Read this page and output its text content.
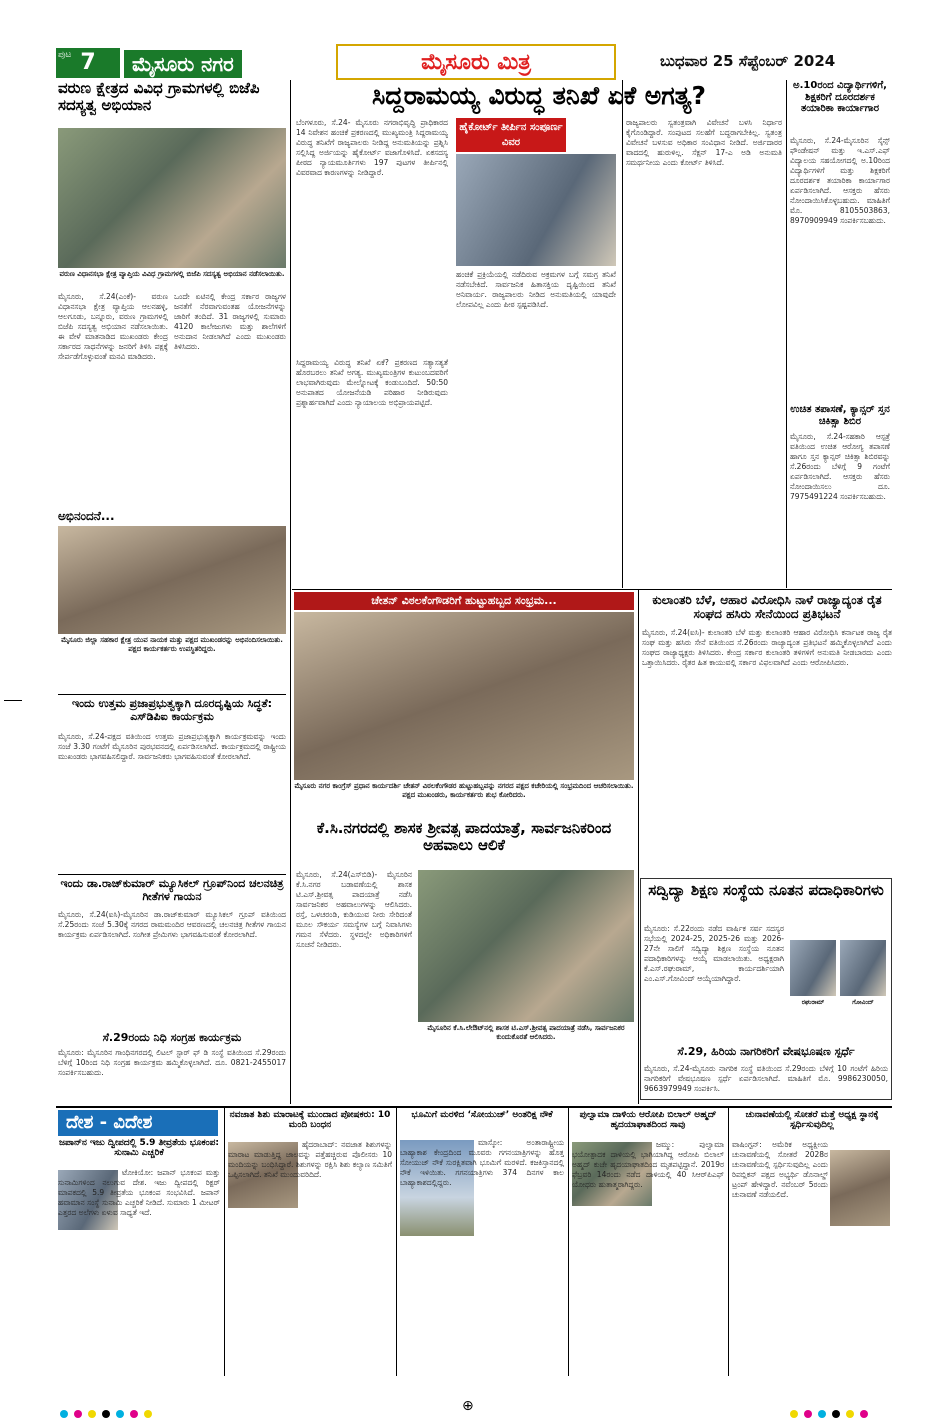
7
ಪುಟ	ಮೈಸೂರು ನಗರ	ಮೈಸೂರು ಮಿತ್ರ	ಬುಧವಾರ 25 ಸೆಪ್ಟೆಂಬರ್ 2024
ವರುಣ ಕ್ಷೇತ್ರದ ವಿವಿಧ ಗ್ರಾಮಗಳಲ್ಲಿ ಬಿಜೆಪಿ ಸದಸ್ಯತ್ವ ಅಭಿಯಾನ
ವರುಣ ವಿಧಾನಸಭಾ ಕ್ಷೇತ್ರ ವ್ಯಾಪ್ತಿಯ ವಿವಿಧ ಗ್ರಾಮಗಳಲ್ಲಿ ಬಿಜೆಪಿ ಸದಸ್ಯತ್ವ ಅಭಿಯಾನ ನಡೆಸಲಾಯಿತು.
ಮೈಸೂರು, ಸೆ.24(ಎಂಕೆ)- ವರುಣ ವಿಧಾನಸಭಾ ಕ್ಷೇತ್ರ ವ್ಯಾಪ್ತಿಯ ಆಲನಹಳ್ಳಿ, ಆಲಗೂಡು, ಬನ್ನೂರು, ವರುಣ ಗ್ರಾಮಗಳಲ್ಲಿ ಬಿಜೆಪಿ ಸದಸ್ಯತ್ವ ಅಭಿಯಾನ ನಡೆಸಲಾಯಿತು. ಈ ವೇಳೆ ಮಾತನಾಡಿದ ಮುಖಂಡರು ಕೇಂದ್ರ ಸರ್ಕಾರದ ಸಾಧನೆಗಳನ್ನು ಜನರಿಗೆ ತಿಳಿಸಿ ಪಕ್ಷಕ್ಕೆ ಸೇರ್ಪಡೆಗೊಳ್ಳುವಂತೆ ಮನವಿ ಮಾಡಿದರು.
ಒಂದೇ ಏಟಿನಲ್ಲಿ ಕೇಂದ್ರ ಸರ್ಕಾರ ರಾಜ್ಯಗಳ ಜನತೆಗೆ ನೆರವಾಗುವಂತಹ ಯೋಜನೆಗಳನ್ನು ಜಾರಿಗೆ ತಂದಿದೆ. 31 ರಾಜ್ಯಗಳಲ್ಲಿ ಸುಮಾರು 4120 ಕಾಲೇಜುಗಳು ಮತ್ತು ಶಾಲೆಗಳಿಗೆ ಅನುದಾನ ನೀಡಲಾಗಿದೆ ಎಂದು ಮುಖಂಡರು ತಿಳಿಸಿದರು.
ಅಭಿನಂದನೆ...
ಮೈಸೂರು ಜಿಲ್ಲಾ ಸಹಕಾರ ಕ್ಷೇತ್ರ ಯುವ ನಾಯಕ ಮತ್ತು ಪಕ್ಷದ ಮುಖಂಡರನ್ನು ಅಭಿನಂದಿಸಲಾಯಿತು. ಪಕ್ಷದ ಕಾರ್ಯಕರ್ತರು ಉಪಸ್ಥಿತರಿದ್ದರು.
ಇಂದು ಉತ್ತಮ ಪ್ರಜಾಪ್ರಭುತ್ವಕ್ಕಾಗಿ ದೂರದೃಷ್ಟಿಯ ಸಿದ್ಧತೆ: ಎಸ್‌ಡಿಪಿಐ ಕಾರ್ಯಕ್ರಮ
ಮೈಸೂರು, ಸೆ.24-ಪಕ್ಷದ ವತಿಯಿಂದ ಉತ್ತಮ ಪ್ರಜಾಪ್ರಭುತ್ವಕ್ಕಾಗಿ ಕಾರ್ಯಕ್ರಮವನ್ನು ಇಂದು ಸಂಜೆ 3.30 ಗಂಟೆಗೆ ಮೈಸೂರಿನ ಪುರಭವನದಲ್ಲಿ ಏರ್ಪಡಿಸಲಾಗಿದೆ. ಕಾರ್ಯಕ್ರಮದಲ್ಲಿ ರಾಷ್ಟ್ರೀಯ ಮುಖಂಡರು ಭಾಗವಹಿಸಲಿದ್ದಾರೆ. ಸಾರ್ವಜನಿಕರು ಭಾಗವಹಿಸುವಂತೆ ಕೋರಲಾಗಿದೆ.
ಇಂದು ಡಾ.ರಾಜ್‌ಕುಮಾರ್ ಮ್ಯೂಸಿಕಲ್ ಗ್ರೂಪ್‌ನಿಂದ ಚಲನಚಿತ್ರ ಗೀತೆಗಳ ಗಾಯನ
ಮೈಸೂರು, ಸೆ.24(ಐಸಿ)-ಮೈಸೂರಿನ ಡಾ.ರಾಜ್‌ಕುಮಾರ್ ಮ್ಯೂಸಿಕಲ್ ಗ್ರೂಪ್ ವತಿಯಿಂದ ಸೆ.25ರಂದು ಸಂಜೆ 5.30ಕ್ಕೆ ನಗರದ ರಾಮಮಂದಿರ ಆವರಣದಲ್ಲಿ ಚಲನಚಿತ್ರ ಗೀತೆಗಳ ಗಾಯನ ಕಾರ್ಯಕ್ರಮ ಏರ್ಪಡಿಸಲಾಗಿದೆ. ಸಂಗೀತ ಪ್ರೇಮಿಗಳು ಭಾಗವಹಿಸುವಂತೆ ಕೋರಲಾಗಿದೆ.
ಸೆ.29ರಂದು ನಿಧಿ ಸಂಗ್ರಹ ಕಾರ್ಯಕ್ರಮ
ಮೈಸೂರು: ಮೈಸೂರಿನ ಗಾಂಧಿನಗರದಲ್ಲಿ ಲಿಟಲ್ ಸ್ಟಾರ್ ಫ್ ಡಿ ಸಂಸ್ಥೆ ವತಿಯಿಂದ ಸೆ.29ರಂದು ಬೆಳಿಗ್ಗೆ 10ರಿಂದ ನಿಧಿ ಸಂಗ್ರಹ ಕಾರ್ಯಕ್ರಮ ಹಮ್ಮಿಕೊಳ್ಳಲಾಗಿದೆ. ದೂ. 0821-2455017 ಸಂಪರ್ಕಿಸಬಹುದು.
ಸಿದ್ದರಾಮಯ್ಯ ವಿರುದ್ಧ ತನಿಖೆ ಏಕೆ ಅಗತ್ಯ?
ಬೆಂಗಳೂರು, ಸೆ.24- ಮೈಸೂರು ನಗರಾಭಿವೃದ್ಧಿ ಪ್ರಾಧಿಕಾರದ 14 ನಿವೇಶನ ಹಂಚಿಕೆ ಪ್ರಕರಣದಲ್ಲಿ ಮುಖ್ಯಮಂತ್ರಿ ಸಿದ್ದರಾಮಯ್ಯ ವಿರುದ್ಧ ತನಿಖೆಗೆ ರಾಜ್ಯಪಾಲರು ನೀಡಿದ್ದ ಅನುಮತಿಯನ್ನು ಪ್ರಶ್ನಿಸಿ ಸಲ್ಲಿಸಿದ್ದ ಅರ್ಜಿಯನ್ನು ಹೈಕೋರ್ಟ್ ವಜಾಗೊಳಿಸಿದೆ. ಏಕಸದಸ್ಯ ಪೀಠದ ನ್ಯಾಯಮೂರ್ತಿಗಳು 197 ಪುಟಗಳ ತೀರ್ಪಿನಲ್ಲಿ ವಿವರವಾದ ಕಾರಣಗಳನ್ನು ನೀಡಿದ್ದಾರೆ.
ಸಿದ್ದರಾಮಯ್ಯ ವಿರುದ್ಧ ತನಿಖೆ ಏಕೆ? ಪ್ರಕರಣದ ಸತ್ಯಾಸತ್ಯತೆ ಹೊರಬರಲು ತನಿಖೆ ಅಗತ್ಯ. ಮುಖ್ಯಮಂತ್ರಿಗಳ ಕುಟುಂಬದವರಿಗೆ ಲಾಭವಾಗಿರುವುದು ಮೇಲ್ನೋಟಕ್ಕೆ ಕಂಡುಬಂದಿದೆ. 50:50 ಅನುಪಾತದ ಯೋಜನೆಯಡಿ ಪರಿಹಾರ ನೀಡಿರುವುದು ಪ್ರಶ್ನಾರ್ಹವಾಗಿದೆ ಎಂದು ನ್ಯಾಯಾಲಯ ಅಭಿಪ್ರಾಯಪಟ್ಟಿದೆ.
ಹೈಕೋರ್ಟ್ ತೀರ್ಪಿನ ಸಂಪೂರ್ಣ ವಿವರ
ಹಂಚಿಕೆ ಪ್ರಕ್ರಿಯೆಯಲ್ಲಿ ನಡೆದಿರುವ ಅಕ್ರಮಗಳ ಬಗ್ಗೆ ಸಮಗ್ರ ತನಿಖೆ ನಡೆಸಬೇಕಿದೆ. ಸಾರ್ವಜನಿಕ ಹಿತಾಸಕ್ತಿಯ ದೃಷ್ಟಿಯಿಂದ ತನಿಖೆ ಅನಿವಾರ್ಯ. ರಾಜ್ಯಪಾಲರು ನೀಡಿದ ಅನುಮತಿಯಲ್ಲಿ ಯಾವುದೇ ಲೋಪವಿಲ್ಲ ಎಂದು ಪೀಠ ಸ್ಪಷ್ಟಪಡಿಸಿದೆ.
ರಾಜ್ಯಪಾಲರು ಸ್ವತಂತ್ರವಾಗಿ ವಿವೇಚನೆ ಬಳಸಿ ನಿರ್ಧಾರ ಕೈಗೊಂಡಿದ್ದಾರೆ. ಸಂಪುಟದ ಸಲಹೆಗೆ ಬದ್ಧರಾಗಬೇಕಿಲ್ಲ. ಸ್ವತಂತ್ರ ವಿವೇಚನೆ ಬಳಸುವ ಅಧಿಕಾರ ಸಂವಿಧಾನ ನೀಡಿದೆ. ಅರ್ಜಿದಾರರ ವಾದದಲ್ಲಿ ಹುರುಳಿಲ್ಲ. ಸೆಕ್ಷನ್ 17-ಎ ಅಡಿ ಅನುಮತಿ ಸಮರ್ಥನೀಯ ಎಂದು ಕೋರ್ಟ್ ತಿಳಿಸಿದೆ.
ಅ.10ರಂದ ವಿದ್ಯಾರ್ಥಿಗಳಿಗೆ, ಶಿಕ್ಷಕರಿಗೆ ದೂರದರ್ಶಕ ತಯಾರಿಕಾ ಕಾರ್ಯಾಗಾರ
ಮೈಸೂರು, ಸೆ.24-ಮೈಸೂರಿನ ಸೈನ್ಸ್ ಫೌಂಡೇಷನ್ ಮತ್ತು ಇ.ಎಸ್.ಎಫ್ ವಿದ್ಯಾಲಯ ಸಹಯೋಗದಲ್ಲಿ ಅ.10ರಿಂದ ವಿದ್ಯಾರ್ಥಿಗಳಿಗೆ ಮತ್ತು ಶಿಕ್ಷಕರಿಗೆ ದೂರದರ್ಶಕ ತಯಾರಿಕಾ ಕಾರ್ಯಾಗಾರ ಏರ್ಪಡಿಸಲಾಗಿದೆ. ಆಸಕ್ತರು ಹೆಸರು ನೋಂದಾಯಿಸಿಕೊಳ್ಳಬಹುದು. ಮಾಹಿತಿಗೆ ಮೊ. 8105503863, 8970909949 ಸಂಪರ್ಕಿಸಬಹುದು.
ಉಚಿತ ತಪಾಸಣೆ, ಕ್ಯಾನ್ಸರ್ ಸ್ತನ ಚಿಕಿತ್ಸಾ ಶಿಬಿರ
ಮೈಸೂರು, ಸೆ.24-ಸಹಕಾರಿ ಆಸ್ಪತ್ರೆ ವತಿಯಿಂದ ಉಚಿತ ಆರೋಗ್ಯ ತಪಾಸಣೆ ಹಾಗೂ ಸ್ತನ ಕ್ಯಾನ್ಸರ್ ಚಿಕಿತ್ಸಾ ಶಿಬಿರವನ್ನು ಸೆ.26ರಂದು ಬೆಳಿಗ್ಗೆ 9 ಗಂಟೆಗೆ ಏರ್ಪಡಿಸಲಾಗಿದೆ. ಆಸಕ್ತರು ಹೆಸರು ನೋಂದಾಯಿಸಲು ದೂ. 7975491224 ಸಂಪರ್ಕಿಸಬಹುದು.
ಚೇತನ್ ವಿಠಲಕೆಂಗೌಡರಿಗೆ ಹುಟ್ಟುಹಬ್ಬದ ಸಂಭ್ರಮ...
ಮೈಸೂರು ನಗರ ಕಾಂಗ್ರೆಸ್ ಪ್ರಧಾನ ಕಾರ್ಯದರ್ಶಿ ಚೇತನ್ ವಿಠಲಕೆಂಗೌಡರ ಹುಟ್ಟುಹಬ್ಬವನ್ನು ನಗರದ ಪಕ್ಷದ ಕಚೇರಿಯಲ್ಲಿ ಸಂಭ್ರಮದಿಂದ ಆಚರಿಸಲಾಯಿತು. ಪಕ್ಷದ ಮುಖಂಡರು, ಕಾರ್ಯಕರ್ತರು ಶುಭ ಕೋರಿದರು.
ಕೆ.ಸಿ.ನಗರದಲ್ಲಿ ಶಾಸಕ ಶ್ರೀವತ್ಸ ಪಾದಯಾತ್ರೆ, ಸಾರ್ವಜನಿಕರಿಂದ ಅಹವಾಲು ಆಲಿಕೆ
ಮೈಸೂರು, ಸೆ.24(ಎಸ್‌ಬಿಡಿ)- ಮೈಸೂರಿನ ಕೆ.ಸಿ.ನಗರ ಬಡಾವಣೆಯಲ್ಲಿ ಶಾಸಕ ಟಿ.ಎಸ್.ಶ್ರೀವತ್ಸ ಪಾದಯಾತ್ರೆ ನಡೆಸಿ ಸಾರ್ವಜನಿಕರ ಅಹವಾಲುಗಳನ್ನು ಆಲಿಸಿದರು. ರಸ್ತೆ, ಒಳಚರಂಡಿ, ಕುಡಿಯುವ ನೀರು ಸೇರಿದಂತೆ ಮೂಲ ಸೌಕರ್ಯ ಸಮಸ್ಯೆಗಳ ಬಗ್ಗೆ ನಿವಾಸಿಗಳು ಗಮನ ಸೆಳೆದರು. ಸ್ಥಳದಲ್ಲೇ ಅಧಿಕಾರಿಗಳಿಗೆ ಸೂಚನೆ ನೀಡಿದರು.
ಮೈಸೂರಿನ ಕೆ.ಸಿ.ಲೇಔಟ್‌ನಲ್ಲಿ ಶಾಸಕ ಟಿ.ಎಸ್.ಶ್ರೀವತ್ಸ ಪಾದಯಾತ್ರೆ ನಡೆಸಿ, ಸಾರ್ವಜನಿಕರ ಕುಂದುಕೊರತೆ ಆಲಿಸಿದರು.
ಕುಲಾಂತರಿ ಬೆಳೆ, ಆಹಾರ ವಿರೋಧಿಸಿ ನಾಳೆ ರಾಜ್ಯಾದ್ಯಂತ ರೈತ ಸಂಘದ ಹಸಿರು ಸೇನೆಯಿಂದ ಪ್ರತಿಭಟನೆ
ಮೈಸೂರು, ಸೆ.24(ಐಸಿ)- ಕುಲಾಂತರಿ ಬೆಳೆ ಮತ್ತು ಕುಲಾಂತರಿ ಆಹಾರ ವಿರೋಧಿಸಿ ಕರ್ನಾಟಕ ರಾಜ್ಯ ರೈತ ಸಂಘ ಮತ್ತು ಹಸಿರು ಸೇನೆ ವತಿಯಿಂದ ಸೆ.26ರಂದು ರಾಜ್ಯಾದ್ಯಂತ ಪ್ರತಿಭಟನೆ ಹಮ್ಮಿಕೊಳ್ಳಲಾಗಿದೆ ಎಂದು ಸಂಘದ ರಾಜ್ಯಾಧ್ಯಕ್ಷರು ತಿಳಿಸಿದರು. ಕೇಂದ್ರ ಸರ್ಕಾರ ಕುಲಾಂತರಿ ತಳಿಗಳಿಗೆ ಅನುಮತಿ ನೀಡಬಾರದು ಎಂದು ಒತ್ತಾಯಿಸಿದರು. ರೈತರ ಹಿತ ಕಾಯುವಲ್ಲಿ ಸರ್ಕಾರ ವಿಫಲವಾಗಿದೆ ಎಂದು ಆರೋಪಿಸಿದರು.
ಸದ್ವಿದ್ಯಾ ಶಿಕ್ಷಣ ಸಂಸ್ಥೆಯ ನೂತನ ಪದಾಧಿಕಾರಿಗಳು
ಮೈಸೂರು: ಸೆ.22ರಂದು ನಡೆದ ವಾರ್ಷಿಕ ಸರ್ವ ಸದಸ್ಯರ ಸಭೆಯಲ್ಲಿ 2024-25, 2025-26 ಮತ್ತು 2026-27ನೇ ಸಾಲಿಗೆ ಸದ್ವಿದ್ಯಾ ಶಿಕ್ಷಣ ಸಂಸ್ಥೆಯ ನೂತನ ಪದಾಧಿಕಾರಿಗಳನ್ನು ಆಯ್ಕೆ ಮಾಡಲಾಯಿತು. ಅಧ್ಯಕ್ಷರಾಗಿ ಕೆ.ಎಸ್.ರಘುರಾಮ್, ಕಾರ್ಯದರ್ಶಿಯಾಗಿ ಎಂ.ಎಸ್.ಗೋವಿಂದ್ ಆಯ್ಕೆಯಾಗಿದ್ದಾರೆ.
ರಘುರಾಮ್	ಗೋವಿಂದ್
ಸೆ.29, ಹಿರಿಯ ನಾಗರಿಕರಿಗೆ ವೇಷಭೂಷಣ ಸ್ಪರ್ಧೆ
ಮೈಸೂರು, ಸೆ.24-ಮೈಸೂರು ನಾಗರಿಕ ಸಂಸ್ಥೆ ವತಿಯಿಂದ ಸೆ.29ರಂದು ಬೆಳಿಗ್ಗೆ 10 ಗಂಟೆಗೆ ಹಿರಿಯ ನಾಗರಿಕರಿಗೆ ವೇಷಭೂಷಣ ಸ್ಪರ್ಧೆ ಏರ್ಪಡಿಸಲಾಗಿದೆ. ಮಾಹಿತಿಗೆ ಮೊ. 9986230050, 9663979949 ಸಂಪರ್ಕಿಸಿ.
ದೇಶ - ವಿದೇಶ
ಜಪಾನ್‌ನ ಇಜು ದ್ವೀಪದಲ್ಲಿ 5.9 ತೀವ್ರತೆಯ ಭೂಕಂಪ: ಸುನಾಮಿ ಎಚ್ಚರಿಕೆ
ಟೋಕಿಯೋ: ಜಪಾನ್ ಭೂಕಂಪ ಮತ್ತು ಸುನಾಮಿಗಳಿಂದ ನಲುಗುವ ದೇಶ. ಇಜು ದ್ವೀಪದಲ್ಲಿ ರಿಕ್ಟರ್ ಮಾಪಕದಲ್ಲಿ 5.9 ತೀವ್ರತೆಯ ಭೂಕಂಪ ಸಂಭವಿಸಿದೆ. ಜಪಾನ್ ಹವಾಮಾನ ಸಂಸ್ಥೆ ಸುನಾಮಿ ಎಚ್ಚರಿಕೆ ನೀಡಿದೆ. ಸುಮಾರು 1 ಮೀಟರ್ ಎತ್ತರದ ಅಲೆಗಳು ಏಳುವ ಸಾಧ್ಯತೆ ಇದೆ.
ನವಜಾತ ಶಿಶು ಮಾರಾಟಕ್ಕೆ ಮುಂದಾದ ಪೋಷಕರು: 10 ಮಂದಿ ಬಂಧನ
ಹೈದರಾಬಾದ್: ನವಜಾತ ಶಿಶುಗಳನ್ನು ಮಾರಾಟ ಮಾಡುತ್ತಿದ್ದ ಜಾಲವನ್ನು ಪತ್ತೆಹಚ್ಚಿರುವ ಪೊಲೀಸರು 10 ಮಂದಿಯನ್ನು ಬಂಧಿಸಿದ್ದಾರೆ. ಶಿಶುಗಳನ್ನು ರಕ್ಷಿಸಿ ಶಿಶು ಕಲ್ಯಾಣ ಸಮಿತಿಗೆ ಒಪ್ಪಿಸಲಾಗಿದೆ. ತನಿಖೆ ಮುಂದುವರಿದಿದೆ.
ಭೂಮಿಗೆ ಮರಳಿದ ‘ಸೋಯುಜ್’ ಅಂತರಿಕ್ಷ ನೌಕೆ
ಮಾಸ್ಕೋ: ಅಂತಾರಾಷ್ಟ್ರೀಯ ಬಾಹ್ಯಾಕಾಶ ಕೇಂದ್ರದಿಂದ ಮೂವರು ಗಗನಯಾತ್ರಿಗಳನ್ನು ಹೊತ್ತ ಸೋಯುಜ್ ನೌಕೆ ಸುರಕ್ಷಿತವಾಗಿ ಭೂಮಿಗೆ ಮರಳಿದೆ. ಕಜಕಿಸ್ತಾನದಲ್ಲಿ ನೌಕೆ ಇಳಿಯಿತು. ಗಗನಯಾತ್ರಿಗಳು 374 ದಿನಗಳ ಕಾಲ ಬಾಹ್ಯಾಕಾಶದಲ್ಲಿದ್ದರು.
ಪುಲ್ವಾಮಾ ದಾಳಿಯ ಆರೋಪಿ ಬಿಲಾಲ್ ಅಹ್ಮದ್ ಹೃದಯಾಘಾತದಿಂದ ಸಾವು
ಜಮ್ಮು: ಪುಲ್ವಾಮಾ ಭಯೋತ್ಪಾದಕ ದಾಳಿಯಲ್ಲಿ ಭಾಗಿಯಾಗಿದ್ದ ಆರೋಪಿ ಬಿಲಾಲ್ ಅಹ್ಮದ್ ಕುಚೇ ಹೃದಯಾಘಾತದಿಂದ ಮೃತಪಟ್ಟಿದ್ದಾನೆ. 2019ರ ಫೆಬ್ರವರಿ 14ರಂದು ನಡೆದ ದಾಳಿಯಲ್ಲಿ 40 ಸಿಆರ್‌ಪಿಎಫ್ ಯೋಧರು ಹುತಾತ್ಮರಾಗಿದ್ದರು.
ಚುನಾವಣೆಯಲ್ಲಿ ಸೋತರೆ ಮತ್ತೆ ಅಧ್ಯಕ್ಷ ಸ್ಥಾನಕ್ಕೆ ಸ್ಪರ್ಧಿಸುವುದಿಲ್ಲ
ವಾಷಿಂಗ್ಟನ್: ಅಮೆರಿಕ ಅಧ್ಯಕ್ಷೀಯ ಚುನಾವಣೆಯಲ್ಲಿ ಸೋತರೆ 2028ರ ಚುನಾವಣೆಯಲ್ಲಿ ಸ್ಪರ್ಧಿಸುವುದಿಲ್ಲ ಎಂದು ರಿಪಬ್ಲಿಕನ್ ಪಕ್ಷದ ಅಭ್ಯರ್ಥಿ ಡೊನಾಲ್ಡ್ ಟ್ರಂಪ್ ಹೇಳಿದ್ದಾರೆ. ನವೆಂಬರ್ 5ರಂದು ಚುನಾವಣೆ ನಡೆಯಲಿದೆ.
⊕
